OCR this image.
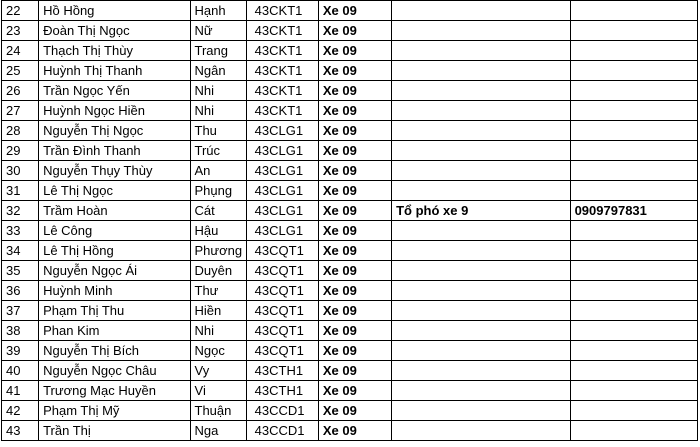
22	Hồ Hồng	Hạnh	43CKT1	Xe 09		
23	Đoàn Thị Ngọc	Nữ	43CKT1	Xe 09		
24	Thạch Thị Thùy	Trang	43CKT1	Xe 09		
25	Huỳnh Thị Thanh	Ngân	43CKT1	Xe 09		
26	Trần Ngọc Yến	Nhi	43CKT1	Xe 09		
27	Huỳnh Ngọc Hiền	Nhi	43CKT1	Xe 09		
28	Nguyễn Thị Ngọc	Thu	43CLG1	Xe 09		
29	Trần Đình Thanh	Trúc	43CLG1	Xe 09		
30	Nguyễn Thụy Thùy	An	43CLG1	Xe 09		
31	Lê Thị Ngọc	Phụng	43CLG1	Xe 09		
32	Trầm Hoàn	Cát	43CLG1	Xe 09	Tổ phó xe 9	0909797831
33	Lê Công	Hậu	43CLG1	Xe 09		
34	Lê Thị Hồng	Phương	43CQT1	Xe 09		
35	Nguyễn Ngọc Ái	Duyên	43CQT1	Xe 09		
36	Huỳnh Minh	Thư	43CQT1	Xe 09		
37	Phạm Thị Thu	Hiền	43CQT1	Xe 09		
38	Phan Kim	Nhi	43CQT1	Xe 09		
39	Nguyễn Thị Bích	Ngọc	43CQT1	Xe 09		
40	Nguyễn Ngọc Châu	Vy	43CTH1	Xe 09		
41	Trương Mạc Huyền	Vi	43CTH1	Xe 09		
42	Phạm Thị Mỹ	Thuận	43CCD1	Xe 09		
43	Trần Thị	Nga	43CCD1	Xe 09		
